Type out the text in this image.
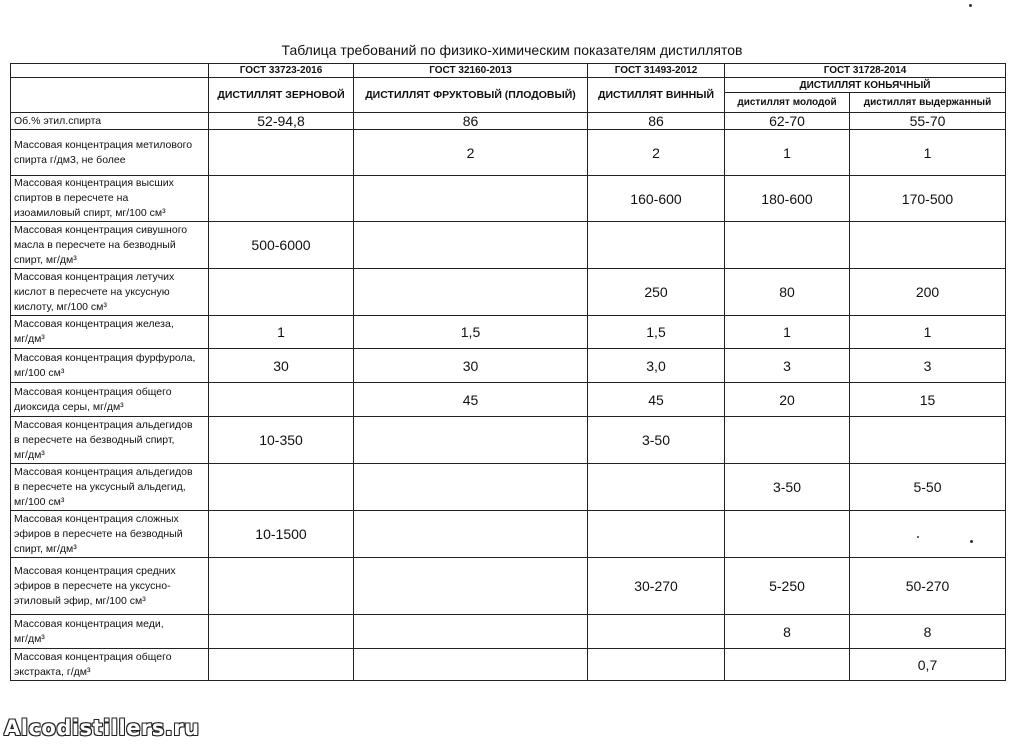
Таблица требований по физико-химическим показателям дистиллятов
	ГОСТ 33723-2016	ГОСТ 32160-2013	ГОСТ 31493-2012	ГОСТ 31728-2014	
	ДИСТИЛЛЯТ ЗЕРНОВОЙ	ДИСТИЛЛЯТ ФРУКТОВЫЙ (ПЛОДОВЫЙ)	ДИСТИЛЛЯТ ВИННЫЙ	ДИСТИЛЛЯТ КОНЬЯЧНЫЙ	
				дистиллят молодой	дистиллят выдержанный
Об.% этил.спирта	52-94,8	86	86	62-70	55-70
Массовая концентрация метилового
спирта г/дм3, не более		2	2	1	1
Массовая концентрация высших
спиртов в пересчете на
изоамиловый спирт, мг/100 см³			160-600	180-600	170-500
Массовая концентрация сивушного
масла в пересчете на безводный
спирт, мг/дм³	500-6000				
Массовая концентрация летучих
кислот в пересчете на уксусную
кислоту, мг/100 см³			250	80	200
Массовая концентрация железа,
мг/дм³	1	1,5	1,5	1	1
Массовая концентрация фурфурола,
мг/100 см³	30	30	3,0	3	3
Массовая концентрация общего
диоксида серы, мг/дм³		45	45	20	15
Массовая концентрация альдегидов
в пересчете на безводный спирт,
мг/дм³	10-350		3-50		
Массовая концентрация альдегидов
в пересчете на уксусный альдегид,
мг/100 см³				3-50	5-50
Массовая концентрация сложных
эфиров в пересчете на безводный
спирт, мг/дм³	10-1500				
Массовая концентрация средних
эфиров в пересчете на уксусно-
этиловый эфир, мг/100 см³			30-270	5-250	50-270
Массовая концентрация меди,
мг/дм³				8	8
Массовая концентрация общего
экстракта, г/дм³					0,7
Alcodistillers.ru
